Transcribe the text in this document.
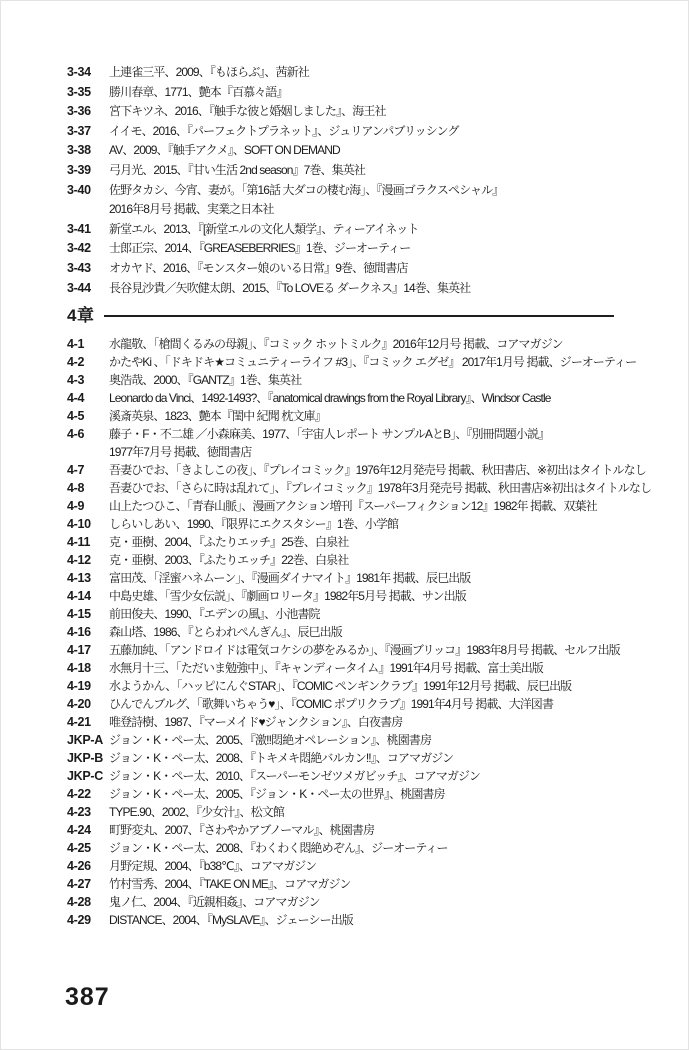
3-34	上連雀三平、2009、『もほらぶ』、茜新社
3-35	勝川春章、1771、艶本『百慕々語』
3-36	宮下キツネ、2016、『触手な彼と婚姻しました』、海王社
3-37	イイモ、2016、『パーフェクトプラネット』、ジュリアンパブリッシング
3-38	AV、2009、『触手アクメ』、SOFT ON DEMAND
3-39	弓月光、2015、『甘い生活 2nd season』7巻、集英社
3-40	佐野タカシ、今宵、妻が。「第16話 大ダコの棲む海」、『漫画ゴラクスペシャル』
2016年8月号 掲載、実業之日本社
3-41	新堂エル、2013、『[新堂エルの文化人類学』、ティーアイネット
3-42	士郎正宗、2014、『GREASEBERRIES』1巻、ジーオーティー
3-43	オカヤド、2016、『モンスター娘のいる日常』9巻、徳間書店
3-44	長谷見沙貴／矢吹健太朗、2015、『To LOVEる ダークネス』14巻、集英社
4章
4-1	水龍敬、「槍間くるみの母親」、『コミック ホットミルク』2016年12月号 掲載、コアマガジン
4-2	かたやKi 、「ドキドキ★コミュニティーライフ #3」、『コミック エグゼ』 2017年1月号 掲載、ジーオーティー
4-3	奥浩哉、2000、『GANTZ』1巻、集英社
4-4	Leonardo da Vinci、1492-1493?、『anatomical drawings from the Royal Library』、Windsor Castle
4-5	溪斎英泉、1823、艶本『閨中 紀聞 枕文庫』
4-6	藤子・F・不二雄 ／小森麻美、1977、「宇宙人レポート サンプルAとB」、『別冊問題小説』
1977年7月号 掲載、徳間書店
4-7	吾妻ひでお、「きよしこの夜」、『プレイコミック』1976年12月発売号 掲載、秋田書店、※初出はタイトルなし
4-8	吾妻ひでお、「さらに時は乱れて」、『プレイコミック』1978年3月発売号 掲載、秋田書店※初出はタイトルなし
4-9	山上たつひこ、「青春山脈」、漫画アクション増刊『スーパーフィクション12』1982年 掲載、双葉社
4-10	しらいしあい、1990、『限界にエクスタシー』1巻、小学館
4-11	克・亜樹、2004、『ふたりエッチ』25巻、白泉社
4-12	克・亜樹、2003、『ふたりエッチ』22巻、白泉社
4-13	富田茂、「淫蜜ハネムーン」、『漫画ダイナマイト』1981年 掲載、辰巳出版
4-14	中島史雄、「雪少女伝説」、『劇画ロリータ』1982年5月号 掲載、サン出版
4-15	前田俊夫、1990、『エデンの風』、小池書院
4-16	森山塔、1986、『とらわれぺんぎん』、辰巳出版
4-17	五藤加純、「アンドロイドは電気コケシの夢をみるか」、『漫画ブリッコ』1983年8月号 掲載、セルフ出版
4-18	水無月十三、「ただいま勉強中」、『キャンディータイム』1991年4月号 掲載、富士美出版
4-19	水ようかん、「ハッピにんぐSTAR」、『COMIC ペンギンクラブ』1991年12月号 掲載、辰巳出版
4-20	ひんでんブルグ、「歌舞いちゃう♥」、『COMIC ポプリクラブ』1991年4月号 掲載、大洋図書
4-21	唯登詩樹、1987、『マーメイド♥ジャンクション』、白夜書房
JKP-A ジョン・K・ペー太、2005、『激!!悶絶オペレーション』、桃園書房
JKP-B ジョン・K・ペー太、2008、『トキメキ悶絶バルカン!!』、コアマガジン
JKP-C ジョン・K・ペー太、2010、『スーパーモンゼツメガビッチ』、コアマガジン
4-22	ジョン・K・ペー太、2005、『ジョン・K・ペー太の世界』、桃園書房
4-23	TYPE.90、2002、『少女汁』、松文館
4-24	町野変丸、2007、『さわやかアブノーマル』、桃園書房
4-25	ジョン・K・ペー太、2008、『わくわく悶絶めぞん』、ジーオーティー
4-26	月野定規、2004、『b38℃』、コアマガジン
4-27	竹村雪秀、2004、『TAKE ON ME』、コアマガジン
4-28	鬼ノ仁、2004、『近親相姦』、コアマガジン
4-29	DISTANCE、2004、『MySLAVE』、ジェーシー出版
387
